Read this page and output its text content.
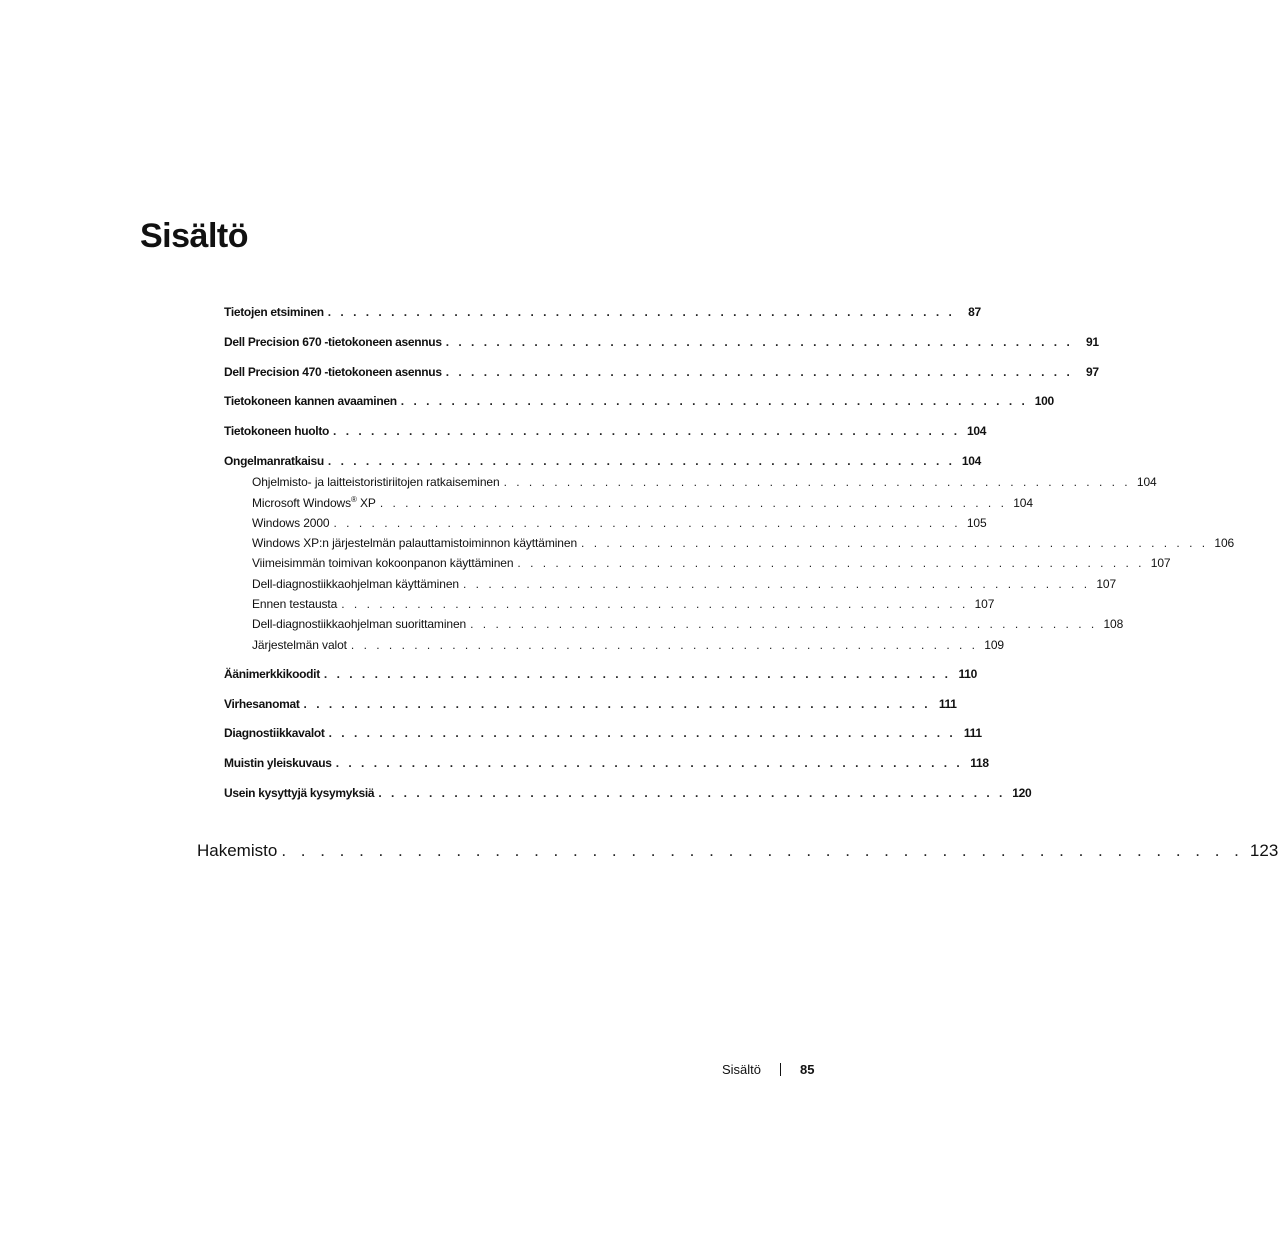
Sisältö
Tietojen etsiminen . . . . . . . . . . . . . . . . . . . . . . . . . . . . . . . . . . . . . . . . . . . . . . . . . .	87
Dell Precision 670 -tietokoneen asennus . . . . . . . . . . . . . . . . . . . . . . . . . . . . . . . . . . . . . . . . . . . . . . . . . .	91
Dell Precision 470 -tietokoneen asennus . . . . . . . . . . . . . . . . . . . . . . . . . . . . . . . . . . . . . . . . . . . . . . . . . .	97
Tietokoneen kannen avaaminen . . . . . . . . . . . . . . . . . . . . . . . . . . . . . . . . . . . . . . . . . . . . . . . . . . 100
Tietokoneen huolto . . . . . . . . . . . . . . . . . . . . . . . . . . . . . . . . . . . . . . . . . . . . . . . . . . 104
Ongelmanratkaisu . . . . . . . . . . . . . . . . . . . . . . . . . . . . . . . . . . . . . . . . . . . . . . . . . . 104
Ohjelmisto- ja laitteistoristiriitojen ratkaiseminen . . . . . . . . . . . . . . . . . . . . . . . . . . . . . . . . . . . . . . . . . . . . . . . . . . 104
Microsoft Windows® XP . . . . . . . . . . . . . . . . . . . . . . . . . . . . . . . . . . . . . . . . . . . . . . . . . . 104
Windows 2000 . . . . . . . . . . . . . . . . . . . . . . . . . . . . . . . . . . . . . . . . . . . . . . . . . . 105
Windows XP:n järjestelmän palauttamistoiminnon käyttäminen . . . . . . . . . . . . . . . . . . . . . . . . . . . . . . . . . . . . . . . . . . . . . . . . . . 106
Viimeisimmän toimivan kokoonpanon käyttäminen . . . . . . . . . . . . . . . . . . . . . . . . . . . . . . . . . . . . . . . . . . . . . . . . . . 107
Dell-diagnostiikkaohjelman käyttäminen . . . . . . . . . . . . . . . . . . . . . . . . . . . . . . . . . . . . . . . . . . . . . . . . . . 107
Ennen testausta . . . . . . . . . . . . . . . . . . . . . . . . . . . . . . . . . . . . . . . . . . . . . . . . . . 107
Dell-diagnostiikkaohjelman suorittaminen . . . . . . . . . . . . . . . . . . . . . . . . . . . . . . . . . . . . . . . . . . . . . . . . . . 108
Järjestelmän valot . . . . . . . . . . . . . . . . . . . . . . . . . . . . . . . . . . . . . . . . . . . . . . . . . . 109
Äänimerkkikoodit . . . . . . . . . . . . . . . . . . . . . . . . . . . . . . . . . . . . . . . . . . . . . . . . . . 110
Virhesanomat . . . . . . . . . . . . . . . . . . . . . . . . . . . . . . . . . . . . . . . . . . . . . . . . . . 111
Diagnostiikkavalot . . . . . . . . . . . . . . . . . . . . . . . . . . . . . . . . . . . . . . . . . . . . . . . . . . 111
Muistin yleiskuvaus . . . . . . . . . . . . . . . . . . . . . . . . . . . . . . . . . . . . . . . . . . . . . . . . . . 118
Usein kysyttyjä kysymyksiä . . . . . . . . . . . . . . . . . . . . . . . . . . . . . . . . . . . . . . . . . . . . . . . . . . 120
Hakemisto . . . . . . . . . . . . . . . . . . . . . . . . . . . . . . . . . . . . . . . . . . . . . . . . . . 123
Sisältö	85
